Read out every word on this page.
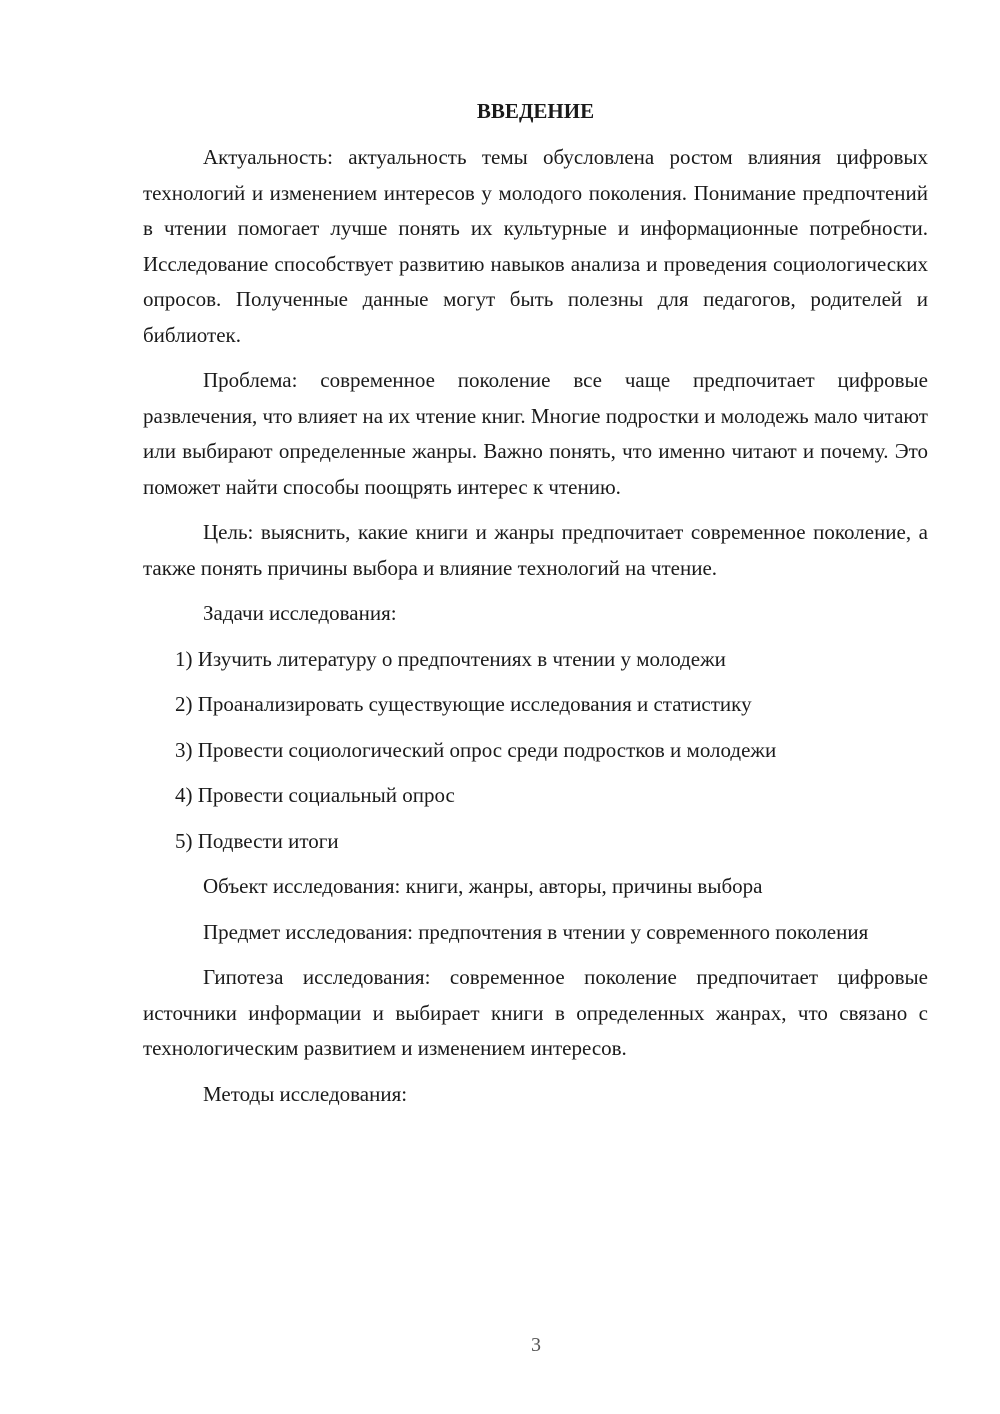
ВВЕДЕНИЕ

Актуальность: актуальность темы обусловлена ростом влияния цифровых технологий и изменением интересов у молодого поколения. Понимание предпочтений в чтении помогает лучше понять их культурные и информационные потребности. Исследование способствует развитию навыков анализа и проведения социологических опросов. Полученные данные могут быть полезны для педагогов, родителей и библиотек.

Проблема: современное поколение все чаще предпочитает цифровые развлечения, что влияет на их чтение книг. Многие подростки и молодежь мало читают или выбирают определенные жанры. Важно понять, что именно читают и почему. Это поможет найти способы поощрять интерес к чтению.

Цель: выяснить, какие книги и жанры предпочитает современное поколение, а также понять причины выбора и влияние технологий на чтение.

Задачи исследования:

1) Изучить литературу о предпочтениях в чтении у молодежи

2) Проанализировать существующие исследования и статистику

3) Провести социологический опрос среди подростков и молодежи

4) Провести социальный опрос

5) Подвести итоги

Объект исследования: книги, жанры, авторы, причины выбора

Предмет исследования: предпочтения в чтении у современного поколения

Гипотеза исследования: современное поколение предпочитает цифровые источники информации и выбирает книги в определенных жанрах, что связано с технологическим развитием и изменением интересов.

Методы исследования:

3
